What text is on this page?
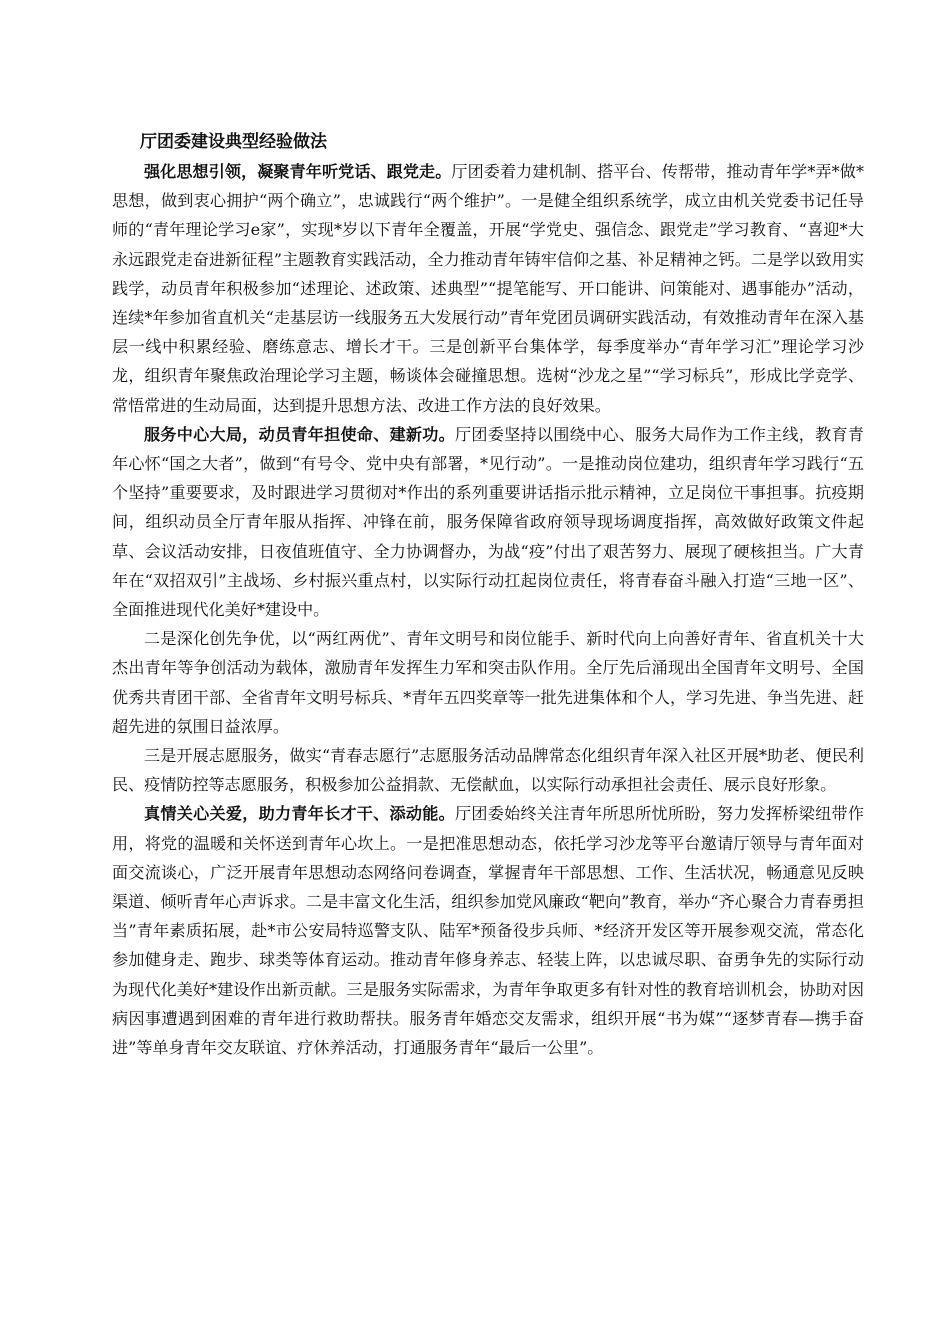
厅团委建设典型经验做法

强化思想引领，凝聚青年听党话、跟党走。厅团委着力建机制、搭平台、传帮带，推动青年学*弄*做*思想，做到衷心拥护“两个确立”，忠诚践行“两个维护”。一是健全组织系统学，成立由机关党委书记任导师的“青年理论学习e家”，实现*岁以下青年全覆盖，开展“学党史、强信念、跟党走”学习教育、“喜迎*大永远跟党走奋进新征程”主题教育实践活动，全力推动青年铸牢信仰之基、补足精神之钙。二是学以致用实践学，动员青年积极参加“述理论、述政策、述典型”“提笔能写、开口能讲、问策能对、遇事能办”活动，连续*年参加省直机关“走基层访一线服务五大发展行动”青年党团员调研实践活动，有效推动青年在深入基层一线中积累经验、磨练意志、增长才干。三是创新平台集体学，每季度举办“青年学习汇”理论学习沙龙，组织青年聚焦政治理论学习主题，畅谈体会碰撞思想。选树“沙龙之星”“学习标兵”，形成比学竞学、常悟常进的生动局面，达到提升思想方法、改进工作方法的良好效果。

服务中心大局，动员青年担使命、建新功。厅团委坚持以围绕中心、服务大局作为工作主线，教育青年心怀“国之大者”，做到“有号令、党中央有部署，*见行动”。一是推动岗位建功，组织青年学习践行“五个坚持”重要要求，及时跟进学习贯彻对*作出的系列重要讲话指示批示精神，立足岗位干事担事。抗疫期间，组织动员全厅青年服从指挥、冲锋在前，服务保障省政府领导现场调度指挥，高效做好政策文件起草、会议活动安排，日夜值班值守、全力协调督办，为战“疫”付出了艰苦努力、展现了硬核担当。广大青年在“双招双引”主战场、乡村振兴重点村，以实际行动扛起岗位责任，将青春奋斗融入打造“三地一区”、全面推进现代化美好*建设中。

二是深化创先争优，以“两红两优”、青年文明号和岗位能手、新时代向上向善好青年、省直机关十大杰出青年等争创活动为载体，激励青年发挥生力军和突击队作用。全厅先后涌现出全国青年文明号、全国优秀共青团干部、全省青年文明号标兵、*青年五四奖章等一批先进集体和个人，学习先进、争当先进、赶超先进的氛围日益浓厚。

三是开展志愿服务，做实“青春志愿行”志愿服务活动品牌常态化组织青年深入社区开展*助老、便民利民、疫情防控等志愿服务，积极参加公益捐款、无偿献血，以实际行动承担社会责任、展示良好形象。

真情关心关爱，助力青年长才干、添动能。厅团委始终关注青年所思所忧所盼，努力发挥桥梁纽带作用，将党的温暖和关怀送到青年心坎上。一是把准思想动态，依托学习沙龙等平台邀请厅领导与青年面对面交流谈心，广泛开展青年思想动态网络问卷调查，掌握青年干部思想、工作、生活状况，畅通意见反映渠道、倾听青年心声诉求。二是丰富文化生活，组织参加党风廉政“靶向”教育，举办“齐心聚合力青春勇担当”青年素质拓展，赴*市公安局特巡警支队、陆军*预备役步兵师、*经济开发区等开展参观交流，常态化参加健身走、跑步、球类等体育运动。推动青年修身养志、轻装上阵，以忠诚尽职、奋勇争先的实际行动为现代化美好*建设作出新贡献。三是服务实际需求，为青年争取更多有针对性的教育培训机会，协助对因病因事遭遇到困难的青年进行救助帮扶。服务青年婚恋交友需求，组织开展“书为媒”“逐梦青春—携手奋进”等单身青年交友联谊、疗休养活动，打通服务青年“最后一公里”。
